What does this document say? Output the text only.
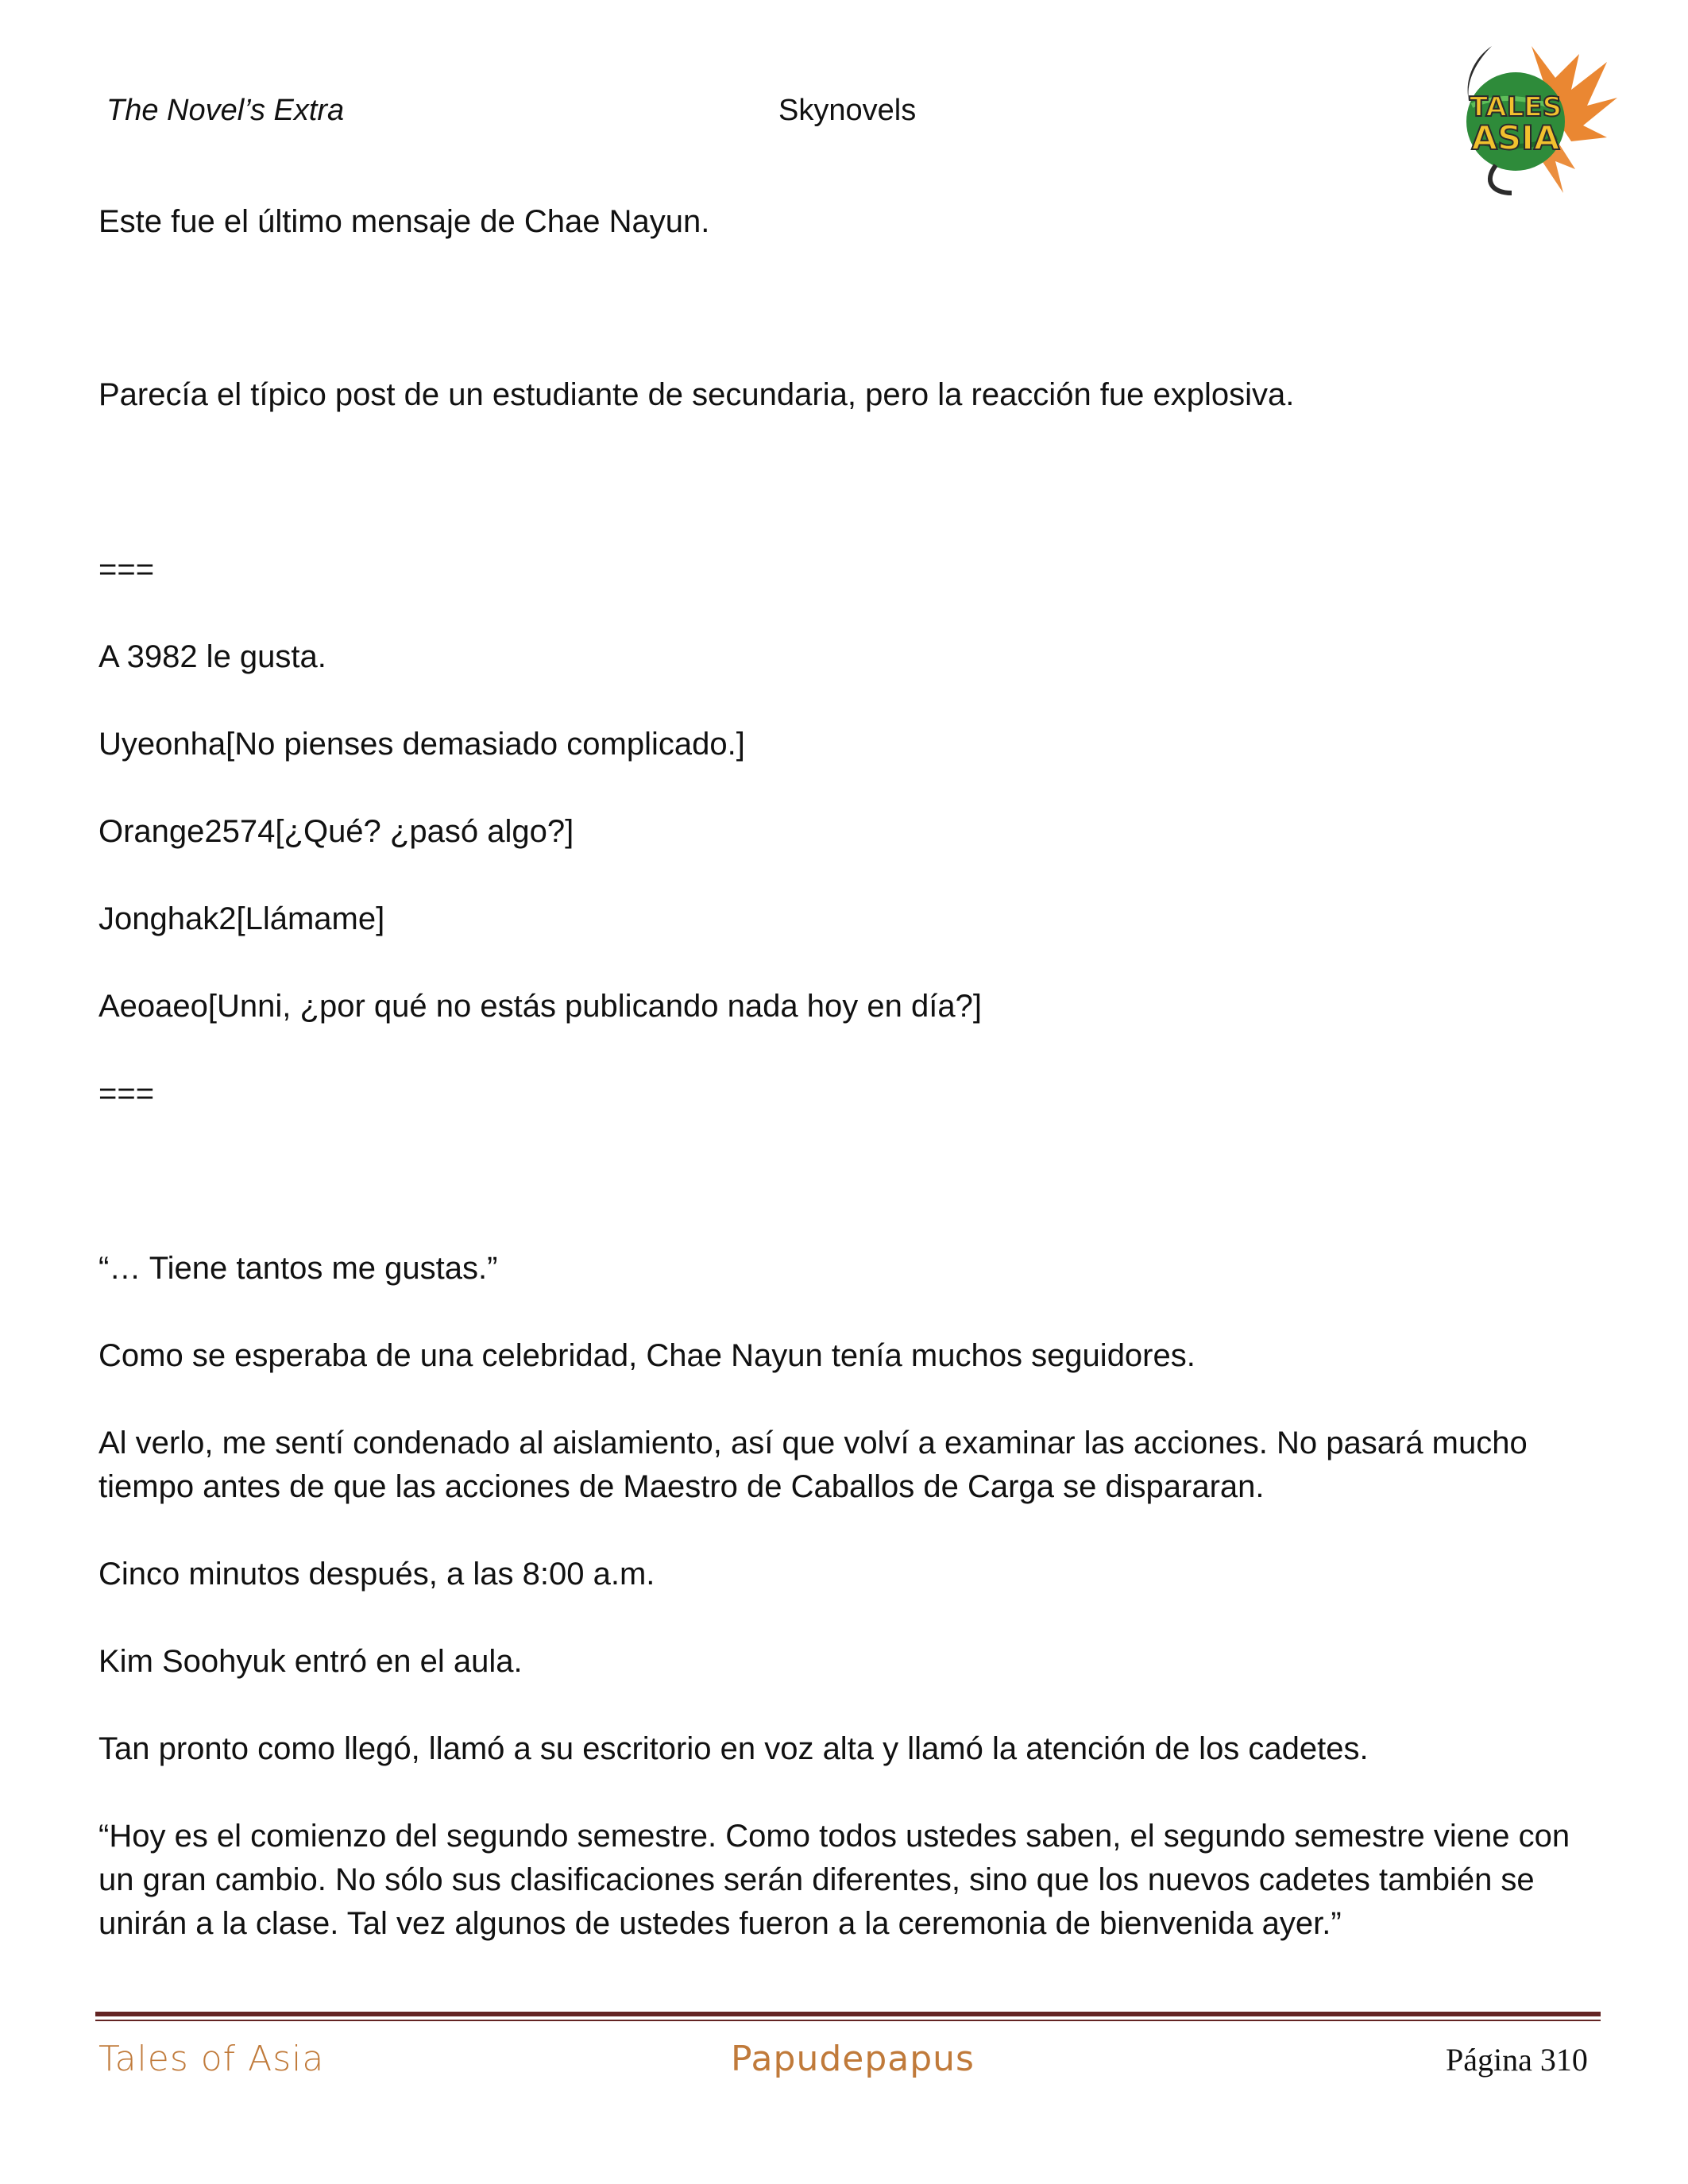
The Novel’s Extra	Skynovels	TALES
ASIA

Este fue el último mensaje de Chae Nayun.

Parecía el típico post de un estudiante de secundaria, pero la reacción fue explosiva.

===

A 3982 le gusta.

Uyeonha[No pienses demasiado complicado.]

Orange2574[¿Qué? ¿pasó algo?]

Jonghak2[Llámame]

Aeoaeo[Unni, ¿por qué no estás publicando nada hoy en día?]

===

“… Tiene tantos me gustas.”

Como se esperaba de una celebridad, Chae Nayun tenía muchos seguidores.

Al verlo, me sentí condenado al aislamiento, así que volví a examinar las acciones. No pasará mucho tiempo antes de que las acciones de Maestro de Caballos de Carga se dispararan.

Cinco minutos después, a las 8:00 a.m.

Kim Soohyuk entró en el aula.

Tan pronto como llegó, llamó a su escritorio en voz alta y llamó la atención de los cadetes.

“Hoy es el comienzo del segundo semestre. Como todos ustedes saben, el segundo semestre viene con un gran cambio. No sólo sus clasificaciones serán diferentes, sino que los nuevos cadetes también se unirán a la clase. Tal vez algunos de ustedes fueron a la ceremonia de bienvenida ayer.”

Tales of Asia	Papudepapus	Página 310
